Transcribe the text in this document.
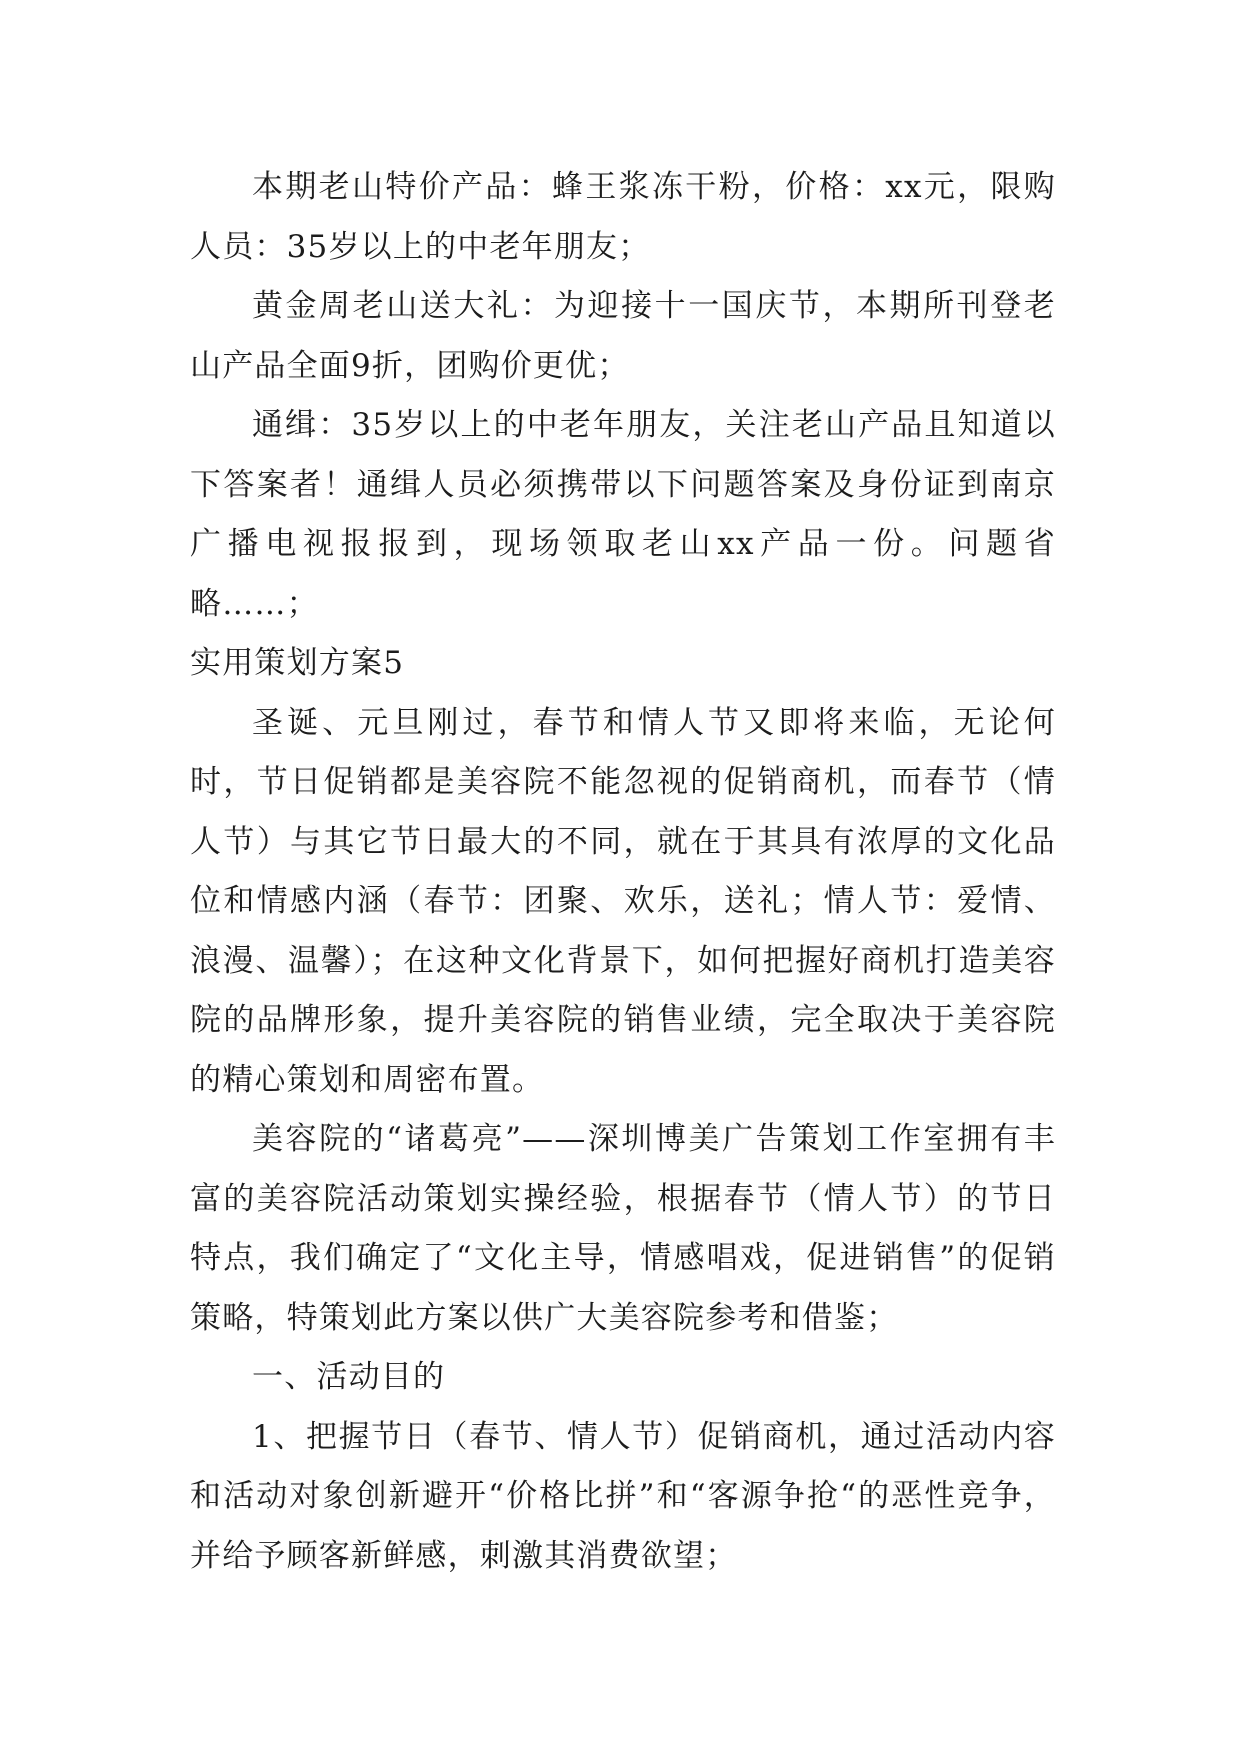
本期老山特价产品：蜂王浆冻干粉，价格：xx元，限购人员：35岁以上的中老年朋友；

黄金周老山送大礼：为迎接十一国庆节，本期所刊登老山产品全面9折，团购价更优；

通缉：35岁以上的中老年朋友，关注老山产品且知道以下答案者！通缉人员必须携带以下问题答案及身份证到南京广播电视报报到，现场领取老山xx产品一份。问题省略……；

实用策划方案5

圣诞、元旦刚过，春节和情人节又即将来临，无论何时，节日促销都是美容院不能忽视的促销商机，而春节（情人节）与其它节日最大的不同，就在于其具有浓厚的文化品位和情感内涵（春节：团聚、欢乐，送礼；情人节：爱情、浪漫、温馨）；在这种文化背景下，如何把握好商机打造美容院的品牌形象，提升美容院的销售业绩，完全取决于美容院的精心策划和周密布置。

美容院的“诸葛亮”——深圳博美广告策划工作室拥有丰富的美容院活动策划实操经验，根据春节（情人节）的节日特点，我们确定了“文化主导，情感唱戏，促进销售”的促销策略，特策划此方案以供广大美容院参考和借鉴；

一、活动目的

1、把握节日（春节、情人节）促销商机，通过活动内容和活动对象创新避开“价格比拼”和“客源争抢“的恶性竞争，并给予顾客新鲜感，刺激其消费欲望；
